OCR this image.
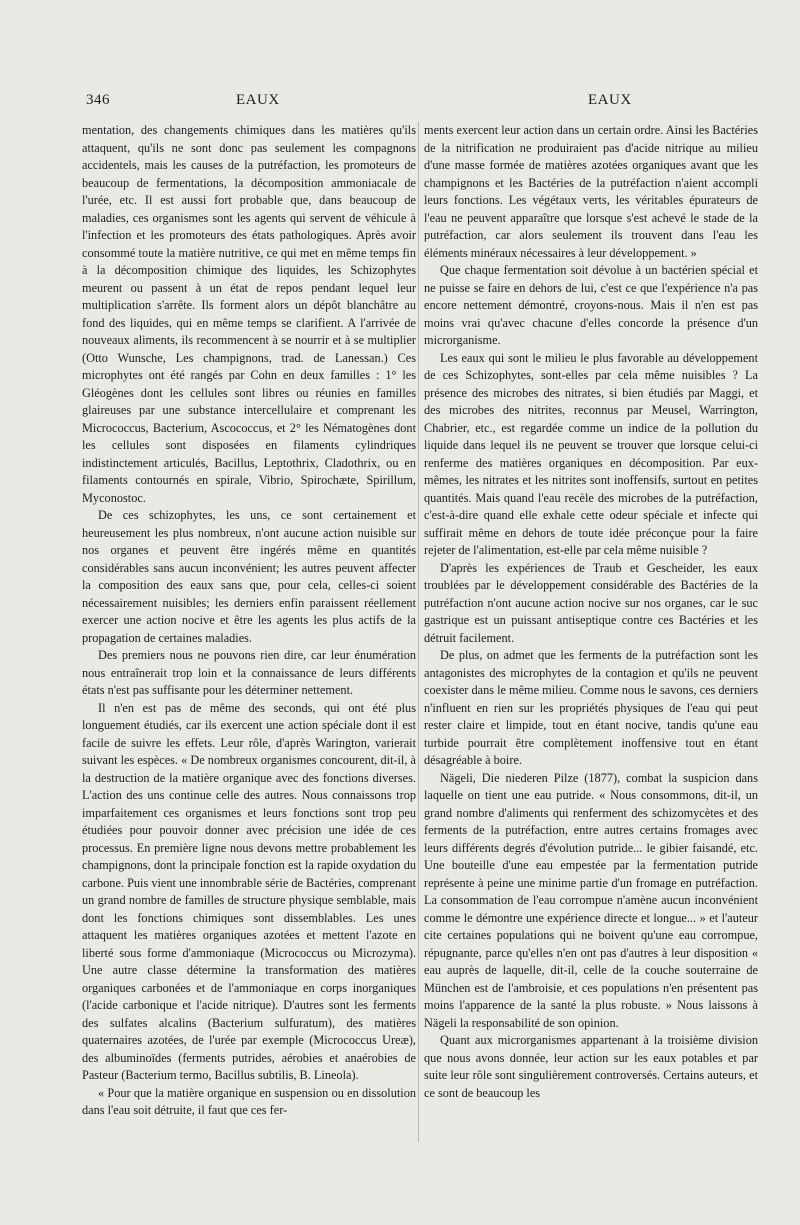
346	EAUX	EAUX

mentation, des changements chimiques dans les matières qu'ils attaquent, qu'ils ne sont donc pas seulement les compagnons accidentels, mais les causes de la putréfaction, les promoteurs de beaucoup de fermentations, la décomposition ammoniacale de l'urée, etc. Il est aussi fort probable que, dans beaucoup de maladies, ces organismes sont les agents qui servent de véhicule à l'infection et les promoteurs des états pathologiques. Après avoir consommé toute la matière nutritive, ce qui met en même temps fin à la décomposition chimique des liquides, les Schizophytes meurent ou passent à un état de repos pendant lequel leur multiplication s'arrête. Ils forment alors un dépôt blanchâtre au fond des liquides, qui en même temps se clarifient. A l'arrivée de nouveaux aliments, ils recommencent à se nourrir et à se multiplier (Otto Wunsche, Les champignons, trad. de Lanessan.) Ces microphytes ont été rangés par Cohn en deux familles : 1° les Gléogènes dont les cellules sont libres ou réunies en familles glaireuses par une substance intercellulaire et comprenant les Micrococcus, Bacterium, Ascococcus, et 2° les Nématogènes dont les cellules sont disposées en filaments cylindriques indistinctement articulés, Bacillus, Leptothrix, Cladothrix, ou en filaments contournés en spirale, Vibrio, Spirochæte, Spirillum, Myconostoc.

De ces schizophytes, les uns, ce sont certainement et heureusement les plus nombreux, n'ont aucune action nuisible sur nos organes et peuvent être ingérés même en quantités considérables sans aucun inconvénient; les autres peuvent affecter la composition des eaux sans que, pour cela, celles-ci soient nécessairement nuisibles; les derniers enfin paraissent réellement exercer une action nocive et être les agents les plus actifs de la propagation de certaines maladies.

Des premiers nous ne pouvons rien dire, car leur énumération nous entraînerait trop loin et la connaissance de leurs différents états n'est pas suffisante pour les déterminer nettement.

Il n'en est pas de même des seconds, qui ont été plus longuement étudiés, car ils exercent une action spéciale dont il est facile de suivre les effets. Leur rôle, d'après Warington, varierait suivant les espèces. « De nombreux organismes concourent, dit-il, à la destruction de la matière organique avec des fonctions diverses. L'action des uns continue celle des autres. Nous connaissons trop imparfaitement ces organismes et leurs fonctions sont trop peu étudiées pour pouvoir donner avec précision une idée de ces processus. En première ligne nous devons mettre probablement les champignons, dont la principale fonction est la rapide oxydation du carbone. Puis vient une innombrable série de Bactéries, comprenant un grand nombre de familles de structure physique semblable, mais dont les fonctions chimiques sont dissemblables. Les unes attaquent les matières organiques azotées et mettent l'azote en liberté sous forme d'ammoniaque (Micrococcus ou Microzyma). Une autre classe détermine la transformation des matières organiques carbonées et de l'ammoniaque en corps inorganiques (l'acide carbonique et l'acide nitrique). D'autres sont les ferments des sulfates alcalins (Bacterium sulfuratum), des matières quaternaires azotées, de l'urée par exemple (Micrococcus Ureæ), des albuminoïdes (ferments putrides, aérobies et anaérobies de Pasteur (Bacterium termo, Bacillus subtilis, B. Lineola).

« Pour que la matière organique en suspension ou en dissolution dans l'eau soit détruite, il faut que ces fer-

ments exercent leur action dans un certain ordre. Ainsi les Bactéries de la nitrification ne produiraient pas d'acide nitrique au milieu d'une masse formée de matières azotées organiques avant que les champignons et les Bactéries de la putréfaction n'aient accompli leurs fonctions. Les végétaux verts, les véritables épurateurs de l'eau ne peuvent apparaître que lorsque s'est achevé le stade de la putréfaction, car alors seulement ils trouvent dans l'eau les éléments minéraux nécessaires à leur développement. »

Que chaque fermentation soit dévolue à un bactérien spécial et ne puisse se faire en dehors de lui, c'est ce que l'expérience n'a pas encore nettement démontré, croyons-nous. Mais il n'en est pas moins vrai qu'avec chacune d'elles concorde la présence d'un microrganisme.

Les eaux qui sont le milieu le plus favorable au développement de ces Schizophytes, sont-elles par cela même nuisibles ? La présence des microbes des nitrates, si bien étudiés par Maggi, et des microbes des nitrites, reconnus par Meusel, Warrington, Chabrier, etc., est regardée comme un indice de la pollution du liquide dans lequel ils ne peuvent se trouver que lorsque celui-ci renferme des matières organiques en décomposition. Par eux-mêmes, les nitrates et les nitrites sont inoffensifs, surtout en petites quantités. Mais quand l'eau recèle des microbes de la putréfaction, c'est-à-dire quand elle exhale cette odeur spéciale et infecte qui suffirait même en dehors de toute idée préconçue pour la faire rejeter de l'alimentation, est-elle par cela même nuisible ?

D'après les expériences de Traub et Gescheider, les eaux troublées par le développement considérable des Bactéries de la putréfaction n'ont aucune action nocive sur nos organes, car le suc gastrique est un puissant antiseptique contre ces Bactéries et les détruit facilement.

De plus, on admet que les ferments de la putréfaction sont les antagonistes des microphytes de la contagion et qu'ils ne peuvent coexister dans le même milieu. Comme nous le savons, ces derniers n'influent en rien sur les propriétés physiques de l'eau qui peut rester claire et limpide, tout en étant nocive, tandis qu'une eau turbide pourrait être complètement inoffensive tout en étant désagréable à boire.

Nägeli, Die niederen Pilze (1877), combat la suspicion dans laquelle on tient une eau putride. « Nous consommons, dit-il, un grand nombre d'aliments qui renferment des schizomycètes et des ferments de la putréfaction, entre autres certains fromages avec leurs différents degrés d'évolution putride... le gibier faisandé, etc. Une bouteille d'une eau empestée par la fermentation putride représente à peine une minime partie d'un fromage en putréfaction. La consommation de l'eau corrompue n'amène aucun inconvénient comme le démontre une expérience directe et longue... » et l'auteur cite certaines populations qui ne boivent qu'une eau corrompue, répugnante, parce qu'elles n'en ont pas d'autres à leur disposition « eau auprès de laquelle, dit-il, celle de la couche souterraine de München est de l'ambroisie, et ces populations n'en présentent pas moins l'apparence de la santé la plus robuste. » Nous laissons à Nägeli la responsabilité de son opinion.

Quant aux microrganismes appartenant à la troisième division que nous avons donnée, leur action sur les eaux potables et par suite leur rôle sont singulièrement controversés. Certains auteurs, et ce sont de beaucoup les
